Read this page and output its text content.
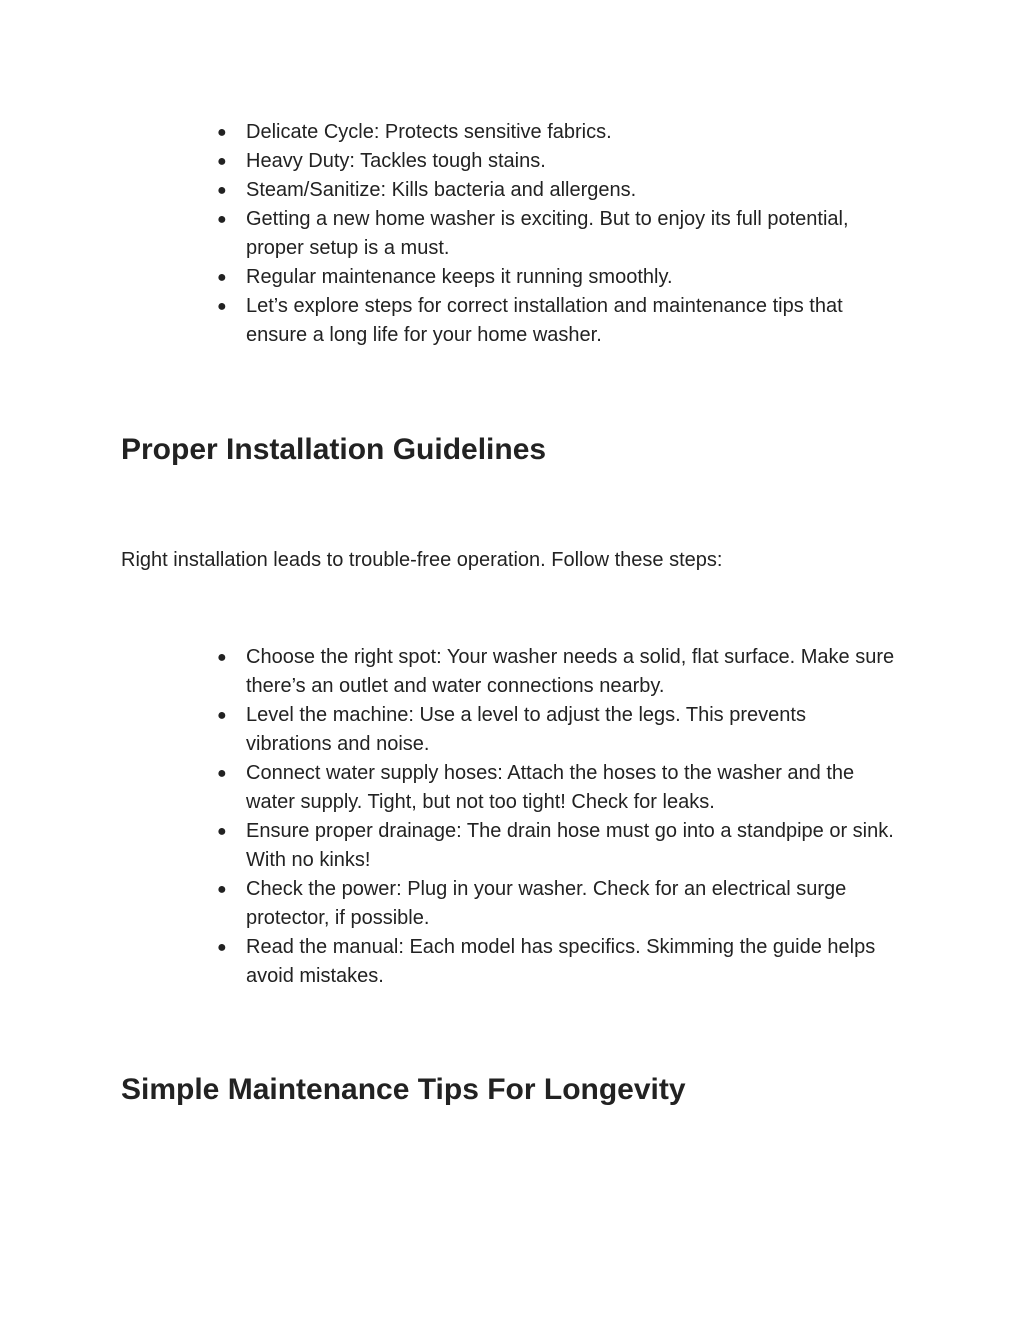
● Delicate Cycle: Protects sensitive fabrics.
● Heavy Duty: Tackles tough stains.
● Steam/Sanitize: Kills bacteria and allergens.
● Getting a new home washer is exciting. But to enjoy its full potential, proper setup is a must.
● Regular maintenance keeps it running smoothly.
● Let’s explore steps for correct installation and maintenance tips that ensure a long life for your home washer.
Proper Installation Guidelines

Right installation leads to trouble-free operation. Follow these steps:

● Choose the right spot: Your washer needs a solid, flat surface. Make sure there’s an outlet and water connections nearby.
● Level the machine: Use a level to adjust the legs. This prevents vibrations and noise.
● Connect water supply hoses: Attach the hoses to the washer and the water supply. Tight, but not too tight! Check for leaks.
● Ensure proper drainage: The drain hose must go into a standpipe or sink. With no kinks!
● Check the power: Plug in your washer. Check for an electrical surge protector, if possible.
● Read the manual: Each model has specifics. Skimming the guide helps avoid mistakes.
Simple Maintenance Tips For Longevity
